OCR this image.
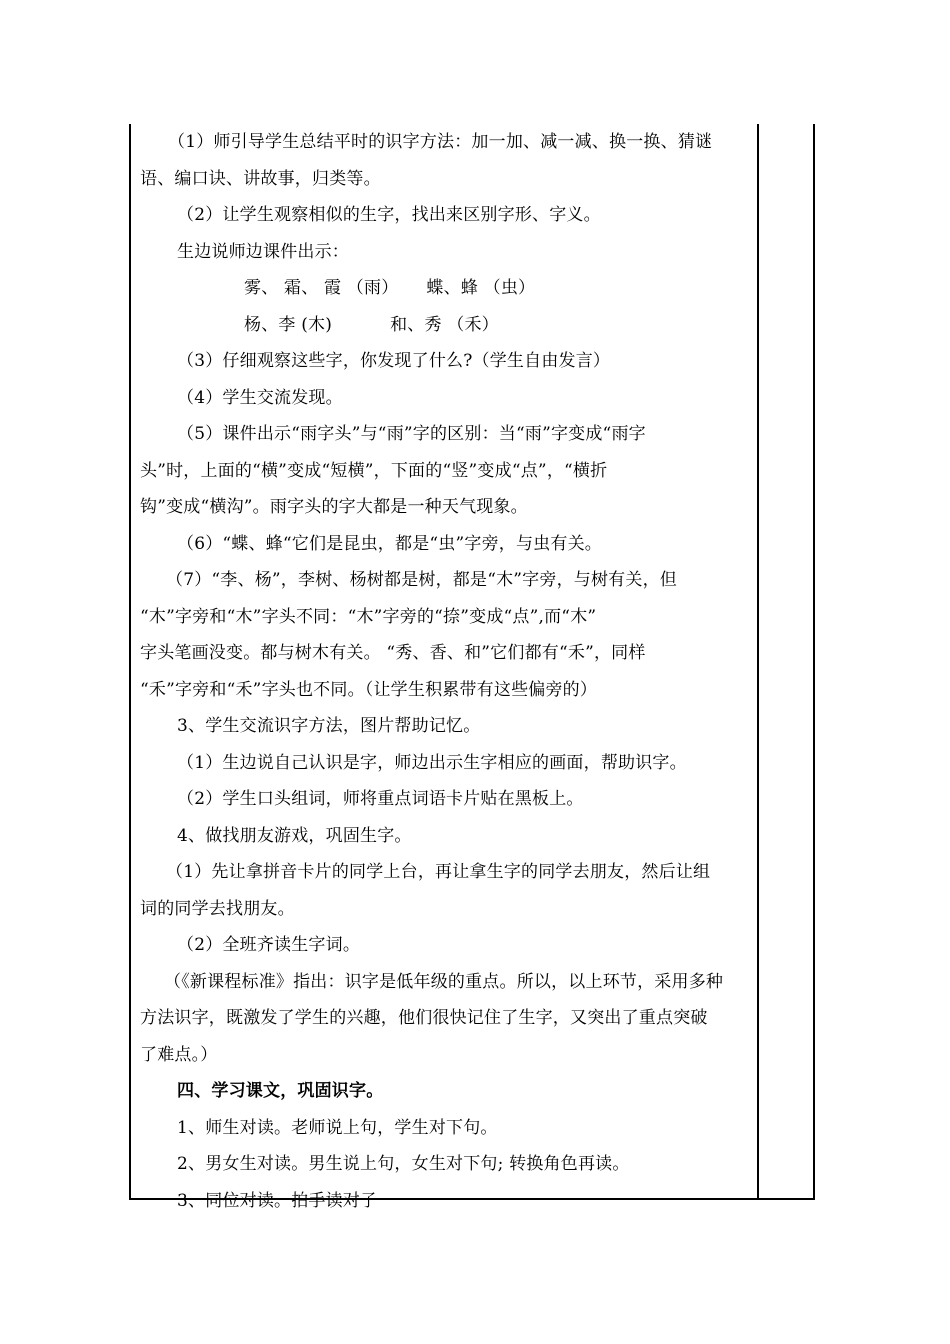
（1）师引导学生总结平时的识字方法：加一加、减一减、换一换、猜谜

语、编口诀、讲故事，归类等。

（2）让学生观察相似的生字，找出来区别字形、字义。

生边说师边课件出示：

雾、 霜、 霞 （雨） 蝶、蜂 （虫）

杨、李 (木)	和、秀 （禾）

（3）仔细观察这些字，你发现了什么?（学生自由发言）

（4）学生交流发现。

（5）课件出示“雨字头”与“雨”字的区别：当“雨”字变成“雨字

头”时，上面的“横”变成“短横”，下面的“竖”变成“点”，“横折

钩”变成“横沟”。雨字头的字大都是一种天气现象。

（6）“蝶、蜂“它们是昆虫，都是“虫”字旁，与虫有关。

（7）“李、杨”，李树、杨树都是树，都是“木”字旁，与树有关，但

“木”字旁和“木”字头不同：“木”字旁的“捺”变成“点”,而“木”

字头笔画没变。都与树木有关。 “秀、香、和”它们都有“禾”，同样

“禾”字旁和“禾”字头也不同。（让学生积累带有这些偏旁的）

3、学生交流识字方法，图片帮助记忆。

（1）生边说自己认识是字，师边出示生字相应的画面，帮助识字。

（2）学生口头组词，师将重点词语卡片贴在黑板上。

4、做找朋友游戏，巩固生字。

（1）先让拿拼音卡片的同学上台，再让拿生字的同学去朋友，然后让组

词的同学去找朋友。

（2）全班齐读生字词。

（《新课程标准》指出：识字是低年级的重点。所以，以上环节，采用多种

方法识字，既激发了学生的兴趣，他们很快记住了生字，又突出了重点突破

了难点。）

四、学习课文，巩固识字。

1、师生对读。老师说上句，学生对下句。

2、男女生对读。男生说上句，女生对下句; 转换角色再读。

3、同位对读。拍手读对子
